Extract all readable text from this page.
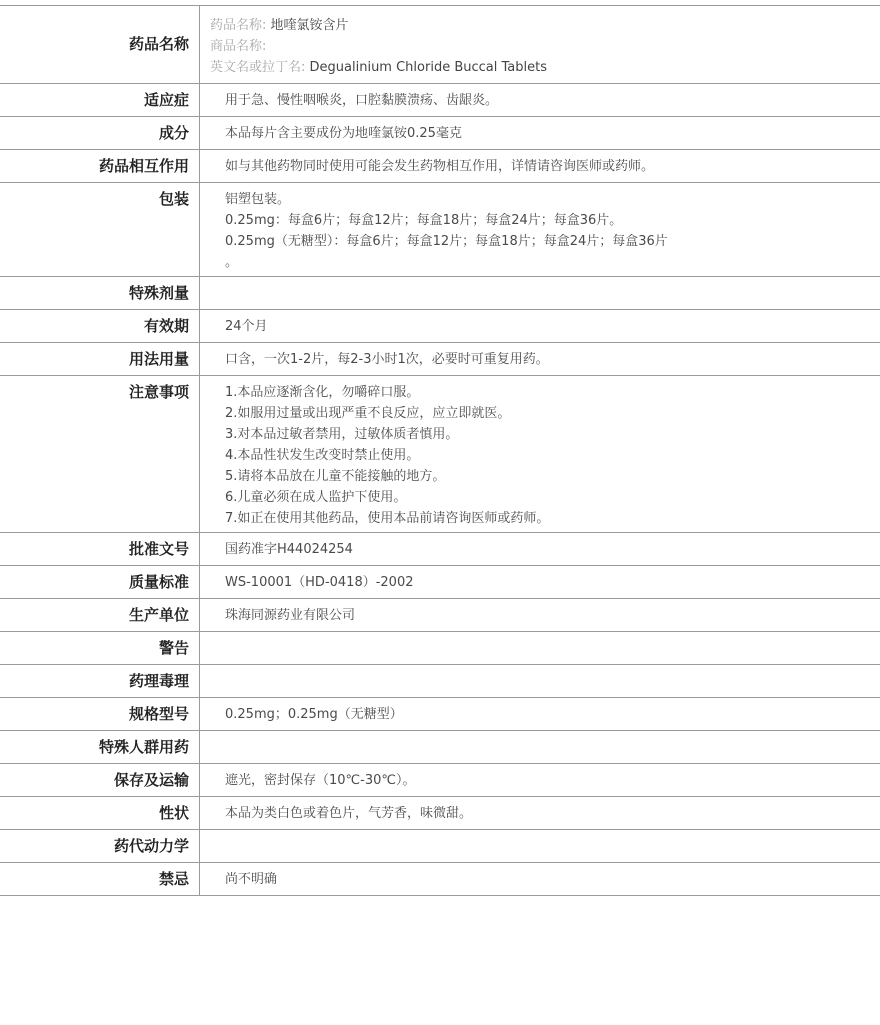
药品名称
药品名称: 地喹氯铵含片
商品名称:
英文名或拉丁名: Degualinium Chloride Buccal Tablets
适应症	用于急、慢性咽喉炎，口腔黏膜溃疡、齿龈炎。
成分	本品每片含主要成份为地喹氯铵0.25毫克
药品相互作用	如与其他药物同时使用可能会发生药物相互作用，详情请咨询医师或药师。
包装	铝塑包装。
0.25mg：每盒6片；每盒12片；每盒18片；每盒24片；每盒36片。
0.25mg（无糖型）：每盒6片；每盒12片；每盒18片；每盒24片；每盒36片
。
特殊剂量
有效期	24个月
用法用量	口含，一次1-2片，每2-3小时1次，必要时可重复用药。
注意事项	1.本品应逐渐含化，勿嚼碎口服。
2.如服用过量或出现严重不良反应，应立即就医。
3.对本品过敏者禁用，过敏体质者慎用。
4.本品性状发生改变时禁止使用。
5.请将本品放在儿童不能接触的地方。
6.儿童必须在成人监护下使用。
7.如正在使用其他药品，使用本品前请咨询医师或药师。
批准文号	国药准字H44024254
质量标准	WS-10001（HD-0418）-2002
生产单位	珠海同源药业有限公司
警告
药理毒理
规格型号	0.25mg；0.25mg（无糖型）
特殊人群用药
保存及运输	遮光，密封保存（10℃-30℃）。
性状	本品为类白色或着色片，气芳香，味微甜。
药代动力学
禁忌	尚不明确
